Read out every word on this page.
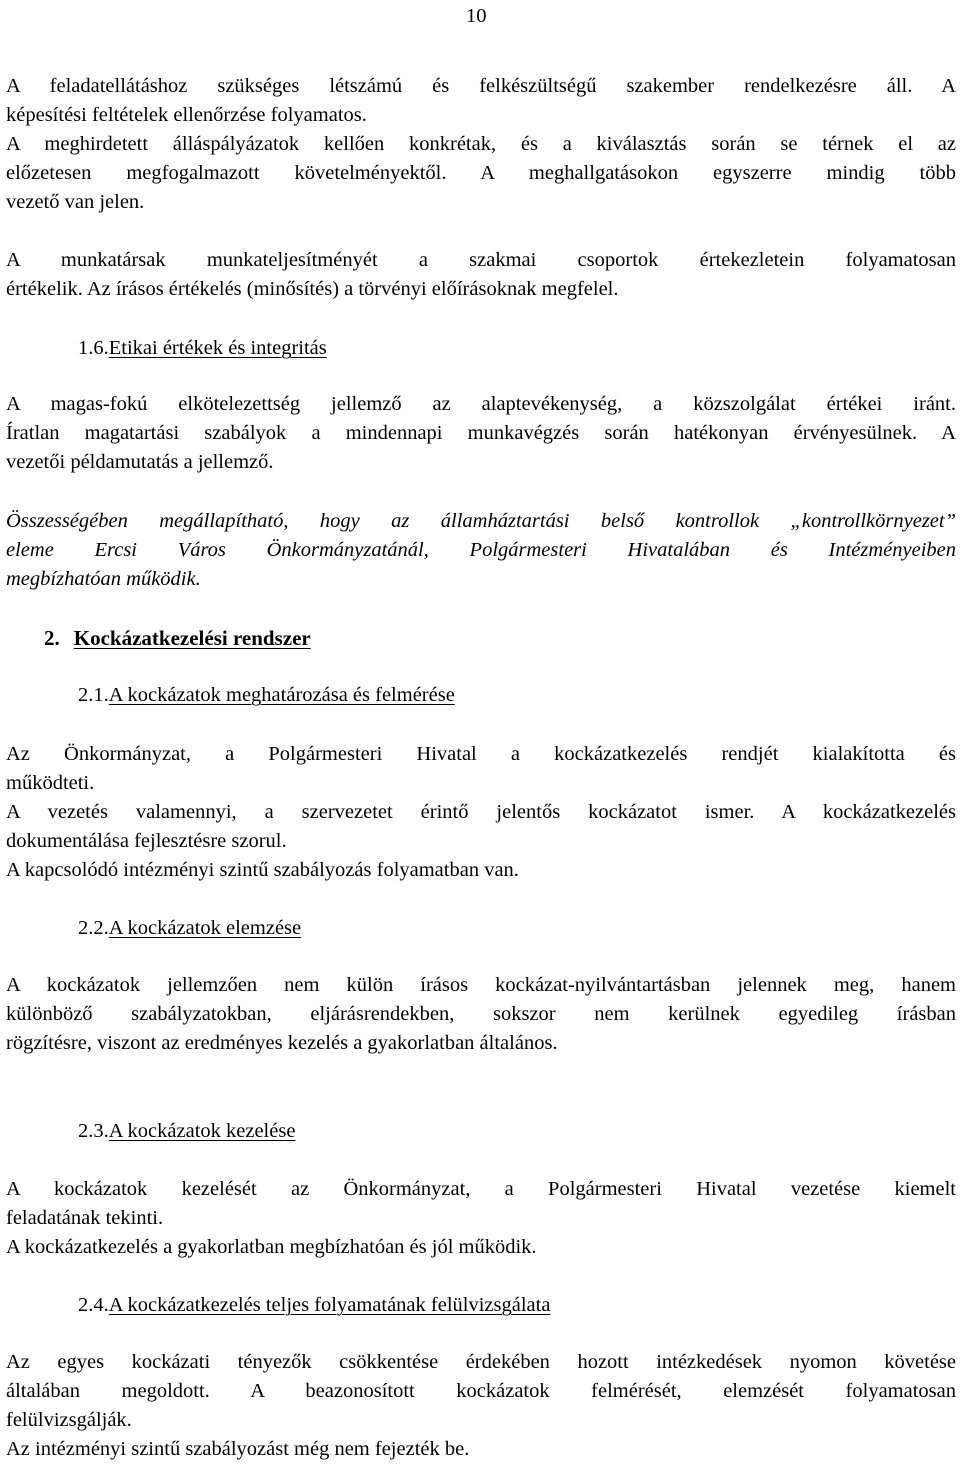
10
A feladatellátáshoz szükséges létszámú és felkészültségű szakember rendelkezésre áll. A
képesítési feltételek ellenőrzése folyamatos.
A meghirdetett álláspályázatok kellően konkrétak, és a kiválasztás során se térnek el az
előzetesen megfogalmazott követelményektől. A meghallgatásokon egyszerre mindig több
vezető van jelen.
A munkatársak munkateljesítményét a szakmai csoportok értekezletein folyamatosan
értékelik. Az írásos értékelés (minősítés) a törvényi előírásoknak megfelel.
1.6.Etikai értékek és integritás
A magas-fokú elkötelezettség jellemző az alaptevékenység, a közszolgálat értékei iránt.
Íratlan magatartási szabályok a mindennapi munkavégzés során hatékonyan érvényesülnek. A
vezetői példamutatás a jellemző.
Összességében megállapítható, hogy az államháztartási belső kontrollok „kontrollkörnyezet”
eleme Ercsi Város Önkormányzatánál, Polgármesteri Hivatalában és Intézményeiben
megbízhatóan működik.
2. Kockázatkezelési rendszer
2.1.A kockázatok meghatározása és felmérése
Az Önkormányzat, a Polgármesteri Hivatal a kockázatkezelés rendjét kialakította és
működteti.
A vezetés valamennyi, a szervezetet érintő jelentős kockázatot ismer. A kockázatkezelés
dokumentálása fejlesztésre szorul.
A kapcsolódó intézményi szintű szabályozás folyamatban van.
2.2.A kockázatok elemzése
A kockázatok jellemzően nem külön írásos kockázat-nyilvántartásban jelennek meg, hanem
különböző szabályzatokban, eljárásrendekben, sokszor nem kerülnek egyedileg írásban
rögzítésre, viszont az eredményes kezelés a gyakorlatban általános.
2.3.A kockázatok kezelése
A kockázatok kezelését az Önkormányzat, a Polgármesteri Hivatal vezetése kiemelt
feladatának tekinti.
A kockázatkezelés a gyakorlatban megbízhatóan és jól működik.
2.4.A kockázatkezelés teljes folyamatának felülvizsgálata
Az egyes kockázati tényezők csökkentése érdekében hozott intézkedések nyomon követése
általában megoldott. A beazonosított kockázatok felmérését, elemzését folyamatosan
felülvizsgálják.
Az intézményi szintű szabályozást még nem fejezték be.
